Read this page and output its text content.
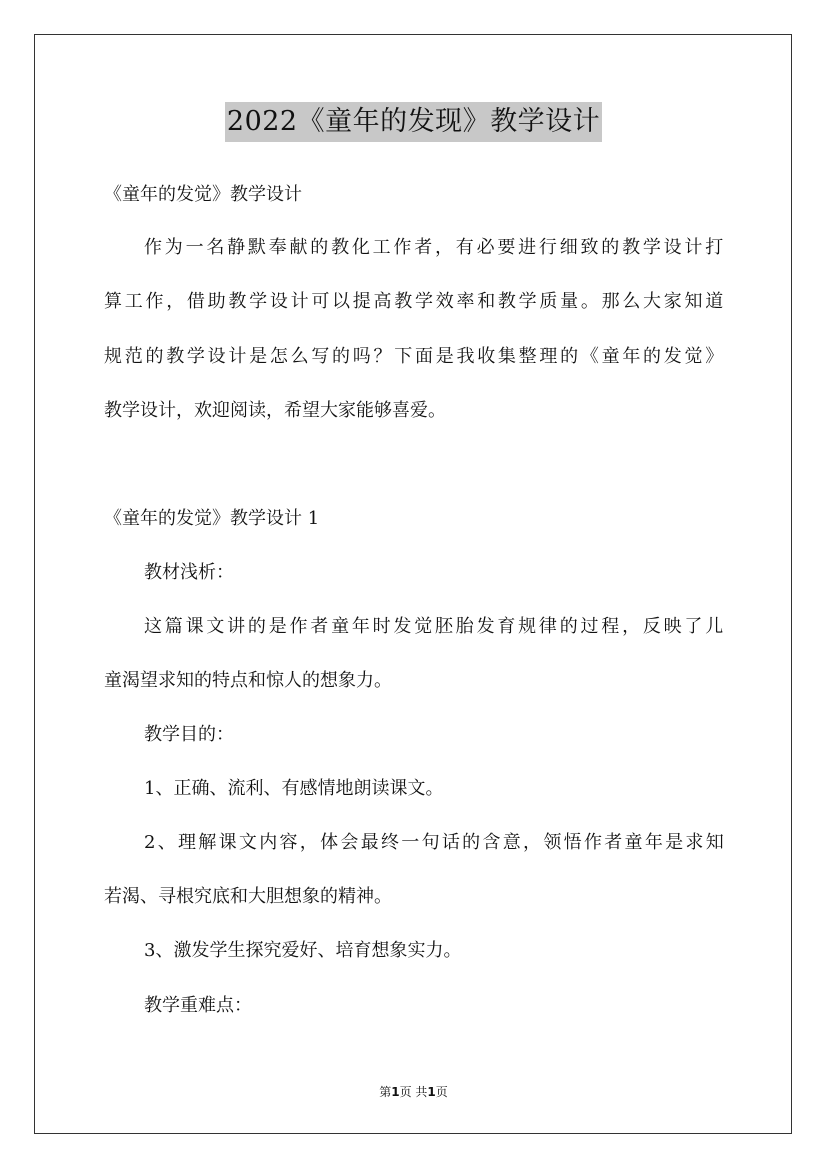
2022《童年的发现》教学设计
《童年的发觉》教学设计
作为一名静默奉献的教化工作者，有必要进行细致的教学设计打
算工作，借助教学设计可以提高教学效率和教学质量。那么大家知道
规范的教学设计是怎么写的吗？下面是我收集整理的《童年的发觉》
教学设计，欢迎阅读，希望大家能够喜爱。
《童年的发觉》教学设计 1
教材浅析：
这篇课文讲的是作者童年时发觉胚胎发育规律的过程，反映了儿
童渴望求知的特点和惊人的想象力。
教学目的：
1、正确、流利、有感情地朗读课文。
2、理解课文内容，体会最终一句话的含意，领悟作者童年是求知
若渴、寻根究底和大胆想象的精神。
3、激发学生探究爱好、培育想象实力。
教学重难点：
第1页 共1页
